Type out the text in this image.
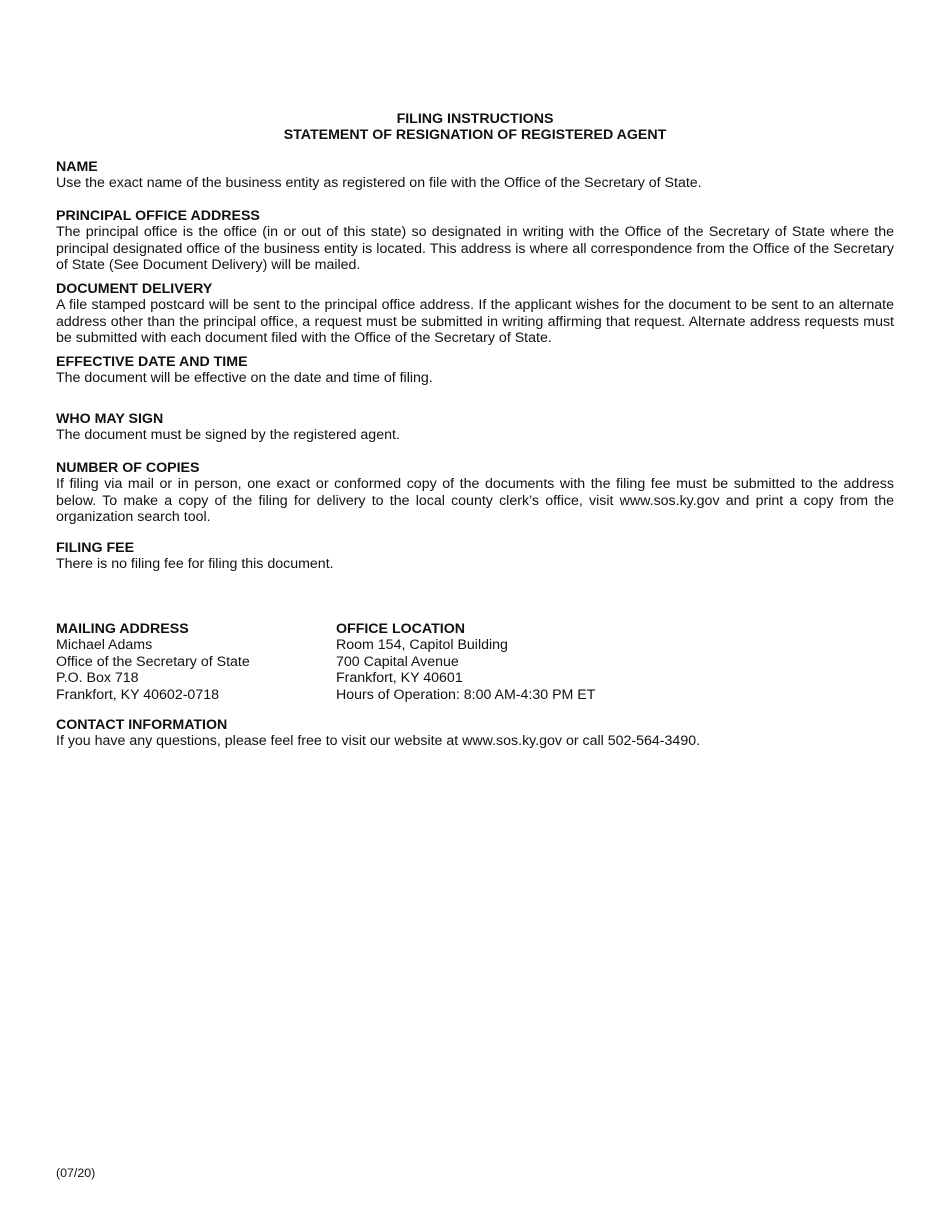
FILING INSTRUCTIONS
STATEMENT OF RESIGNATION OF REGISTERED AGENT
NAME
Use the exact name of the business entity as registered on file with the Office of the Secretary of State.
PRINCIPAL OFFICE ADDRESS
The principal office is the office (in or out of this state) so designated in writing with the Office of the Secretary of State where the principal designated office of the business entity is located. This address is where all correspondence from the Office of the Secretary of State (See Document Delivery) will be mailed.
DOCUMENT DELIVERY
A file stamped postcard will be sent to the principal office address. If the applicant wishes for the document to be sent to an alternate address other than the principal office, a request must be submitted in writing affirming that request. Alternate address requests must be submitted with each document filed with the Office of the Secretary of State.
EFFECTIVE DATE AND TIME
The document will be effective on the date and time of filing.
WHO MAY SIGN
The document must be signed by the registered agent.
NUMBER OF COPIES
If filing via mail or in person, one exact or conformed copy of the documents with the filing fee must be submitted to the address below. To make a copy of the filing for delivery to the local county clerk’s office, visit www.sos.ky.gov and print a copy from the organization search tool.
FILING FEE
There is no filing fee for filing this document.
MAILING ADDRESS
Michael Adams
Office of the Secretary of State
P.O. Box 718
Frankfort, KY 40602-0718
OFFICE LOCATION
Room 154, Capitol Building
700 Capital Avenue
Frankfort, KY 40601
Hours of Operation: 8:00 AM-4:30 PM ET
CONTACT INFORMATION
If you have any questions, please feel free to visit our website at www.sos.ky.gov or call 502-564-3490.
(07/20)
